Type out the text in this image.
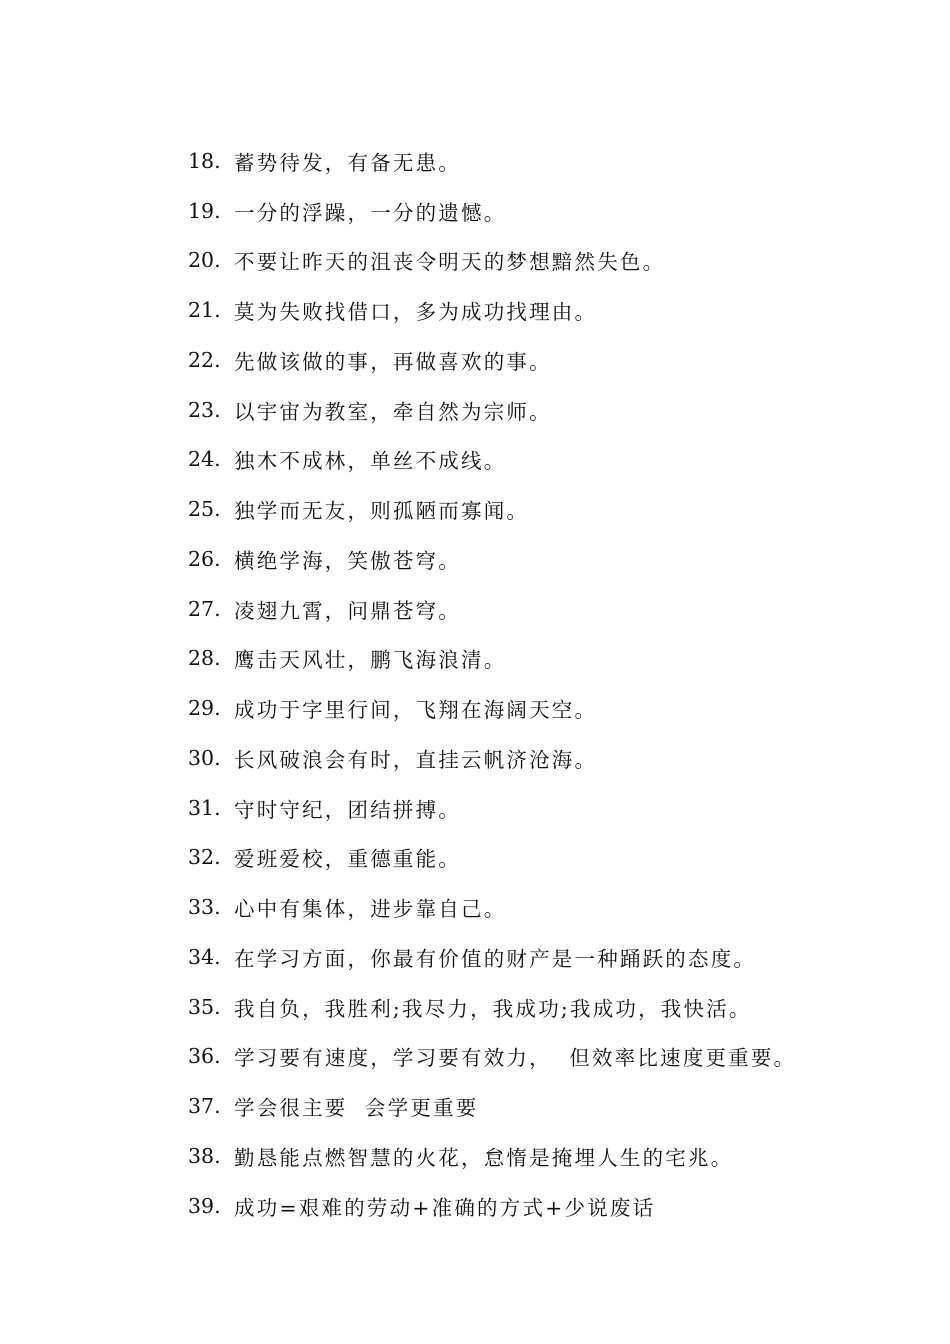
18. 蓄势待发，有备无患。
19. 一分的浮躁，一分的遗憾。
20. 不要让昨天的沮丧令明天的梦想黯然失色。
21. 莫为失败找借口，多为成功找理由。
22. 先做该做的事，再做喜欢的事。
23. 以宇宙为教室，牵自然为宗师。
24. 独木不成林，单丝不成线。
25. 独学而无友，则孤陋而寡闻。
26. 横绝学海，笑傲苍穹。
27. 凌翅九霄，问鼎苍穹。
28. 鹰击天风壮，鹏飞海浪清。
29. 成功于字里行间，飞翔在海阔天空。
30. 长风破浪会有时，直挂云帆济沧海。
31. 守时守纪，团结拼搏。
32. 爱班爱校，重德重能。
33. 心中有集体，进步靠自己。
34. 在学习方面，你最有价值的财产是一种踊跃的态度。
35. 我自负，我胜利;我尽力，我成功;我成功，我快活。
36. 学习要有速度，学习要有效力，  但效率比速度更重要。
37. 学会很主要  会学更重要
38. 勤恳能点燃智慧的火花，怠惰是掩埋人生的宅兆。
39. 成功=艰难的劳动+准确的方式+少说废话
